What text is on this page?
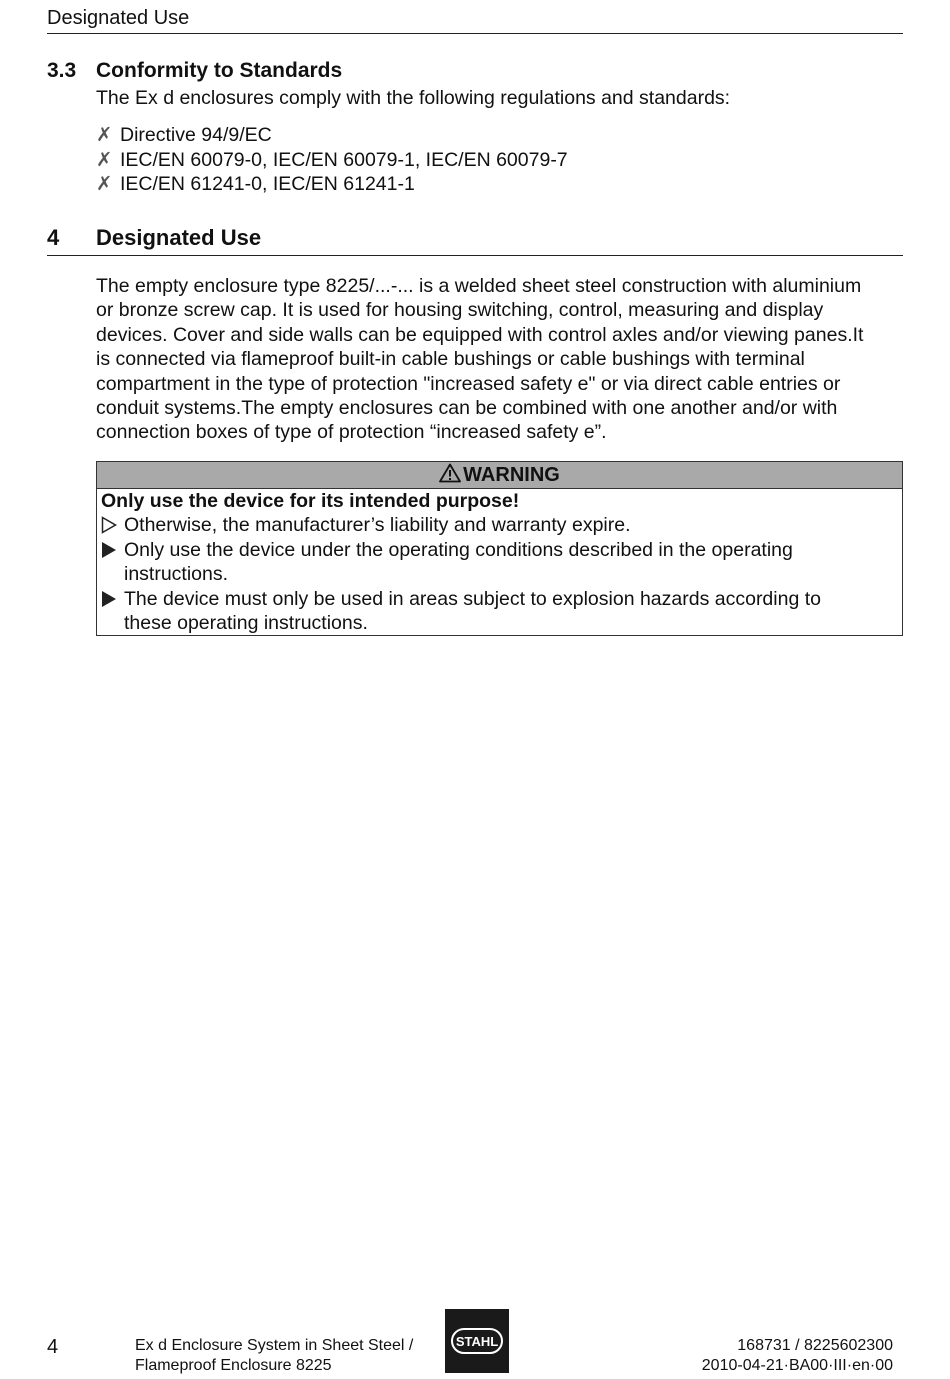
Designated Use
3.3 Conformity to Standards
The Ex d enclosures comply with the following regulations and standards:
✗ Directive 94/9/EC
✗ IEC/EN 60079-0, IEC/EN 60079-1, IEC/EN 60079-7
✗ IEC/EN 61241-0, IEC/EN 61241-1
4 Designated Use
The empty enclosure type 8225/...-... is a welded sheet steel construction with aluminium
or bronze screw cap. It is used for housing switching, control, measuring and display
devices. Cover and side walls can be equipped with control axles and/or viewing panes.It
is connected via flameproof built-in cable bushings or cable bushings with terminal
compartment in the type of protection "increased safety e" or via direct cable entries or
conduit systems.The empty enclosures can be combined with one another and/or with
connection boxes of type of protection “increased safety e”.
WARNING
Only use the device for its intended purpose!
Otherwise, the manufacturer’s liability and warranty expire.
Only use the device under the operating conditions described in the operating
instructions.
The device must only be used in areas subject to explosion hazards according to
these operating instructions.
4	Ex d Enclosure System in Sheet Steel /
Flameproof Enclosure 8225
STAHL	168731 / 8225602300
2010-04-21·BA00·III·en·00
